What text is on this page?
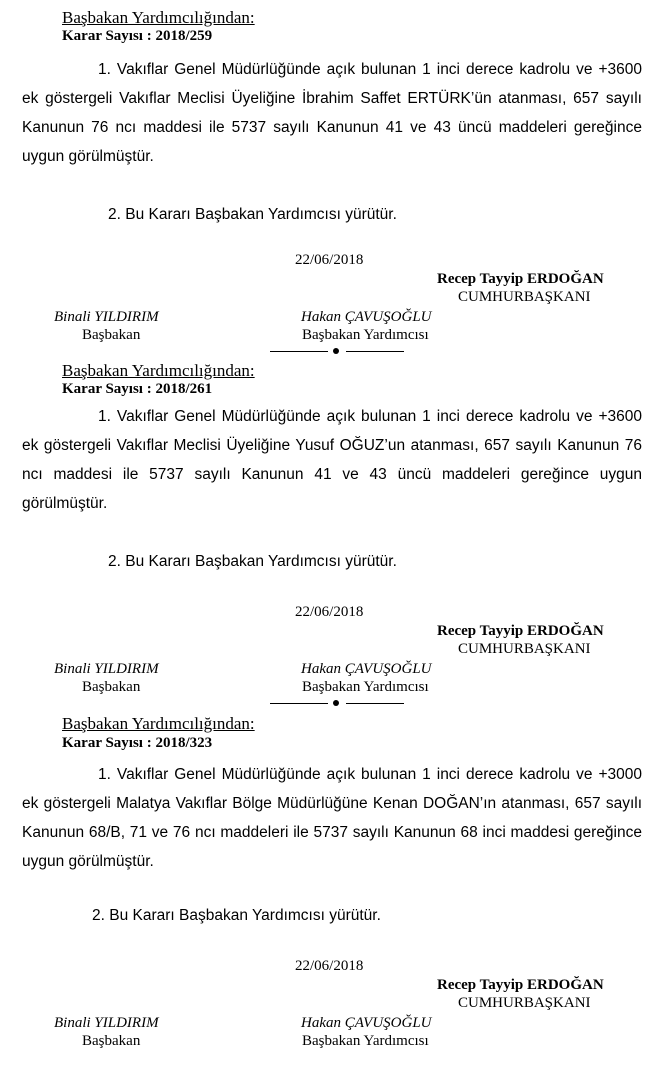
Başbakan Yardımcılığından:
Karar Sayısı : 2018/259

1. Vakıflar Genel Müdürlüğünde açık bulunan 1 inci derece kadrolu ve +3600 ek göstergeli Vakıflar Meclisi Üyeliğine İbrahim Saffet ERTÜRK’ün atanması, 657 sayılı Kanunun 76 ncı maddesi ile 5737 sayılı Kanunun 41 ve 43 üncü maddeleri gereğince uygun görülmüştür.

2. Bu Kararı Başbakan Yardımcısı yürütür.
22/06/2018
Recep Tayyip ERDOĞAN
CUMHURBAŞKANI
Binali YILDIRIM
Başbakan
Hakan ÇAVUŞOĞLU
Başbakan Yardımcısı
Başbakan Yardımcılığından:
Karar Sayısı : 2018/261

1. Vakıflar Genel Müdürlüğünde açık bulunan 1 inci derece kadrolu ve +3600 ek göstergeli Vakıflar Meclisi Üyeliğine Yusuf OĞUZ’un atanması, 657 sayılı Kanunun 76 ncı maddesi ile 5737 sayılı Kanunun 41 ve 43 üncü maddeleri gereğince uygun görülmüştür.

2. Bu Kararı Başbakan Yardımcısı yürütür.
22/06/2018
Recep Tayyip ERDOĞAN
CUMHURBAŞKANI
Binali YILDIRIM
Başbakan
Hakan ÇAVUŞOĞLU
Başbakan Yardımcısı
Başbakan Yardımcılığından:
Karar Sayısı : 2018/323

1. Vakıflar Genel Müdürlüğünde açık bulunan 1 inci derece kadrolu ve +3000 ek göstergeli Malatya Vakıflar Bölge Müdürlüğüne Kenan DOĞAN’ın atanması, 657 sayılı Kanunun 68/B, 71 ve 76 ncı maddeleri ile 5737 sayılı Kanunun 68 inci maddesi gereğince uygun görülmüştür.

2. Bu Kararı Başbakan Yardımcısı yürütür.
22/06/2018
Recep Tayyip ERDOĞAN
CUMHURBAŞKANI
Binali YILDIRIM
Başbakan
Hakan ÇAVUŞOĞLU
Başbakan Yardımcısı
